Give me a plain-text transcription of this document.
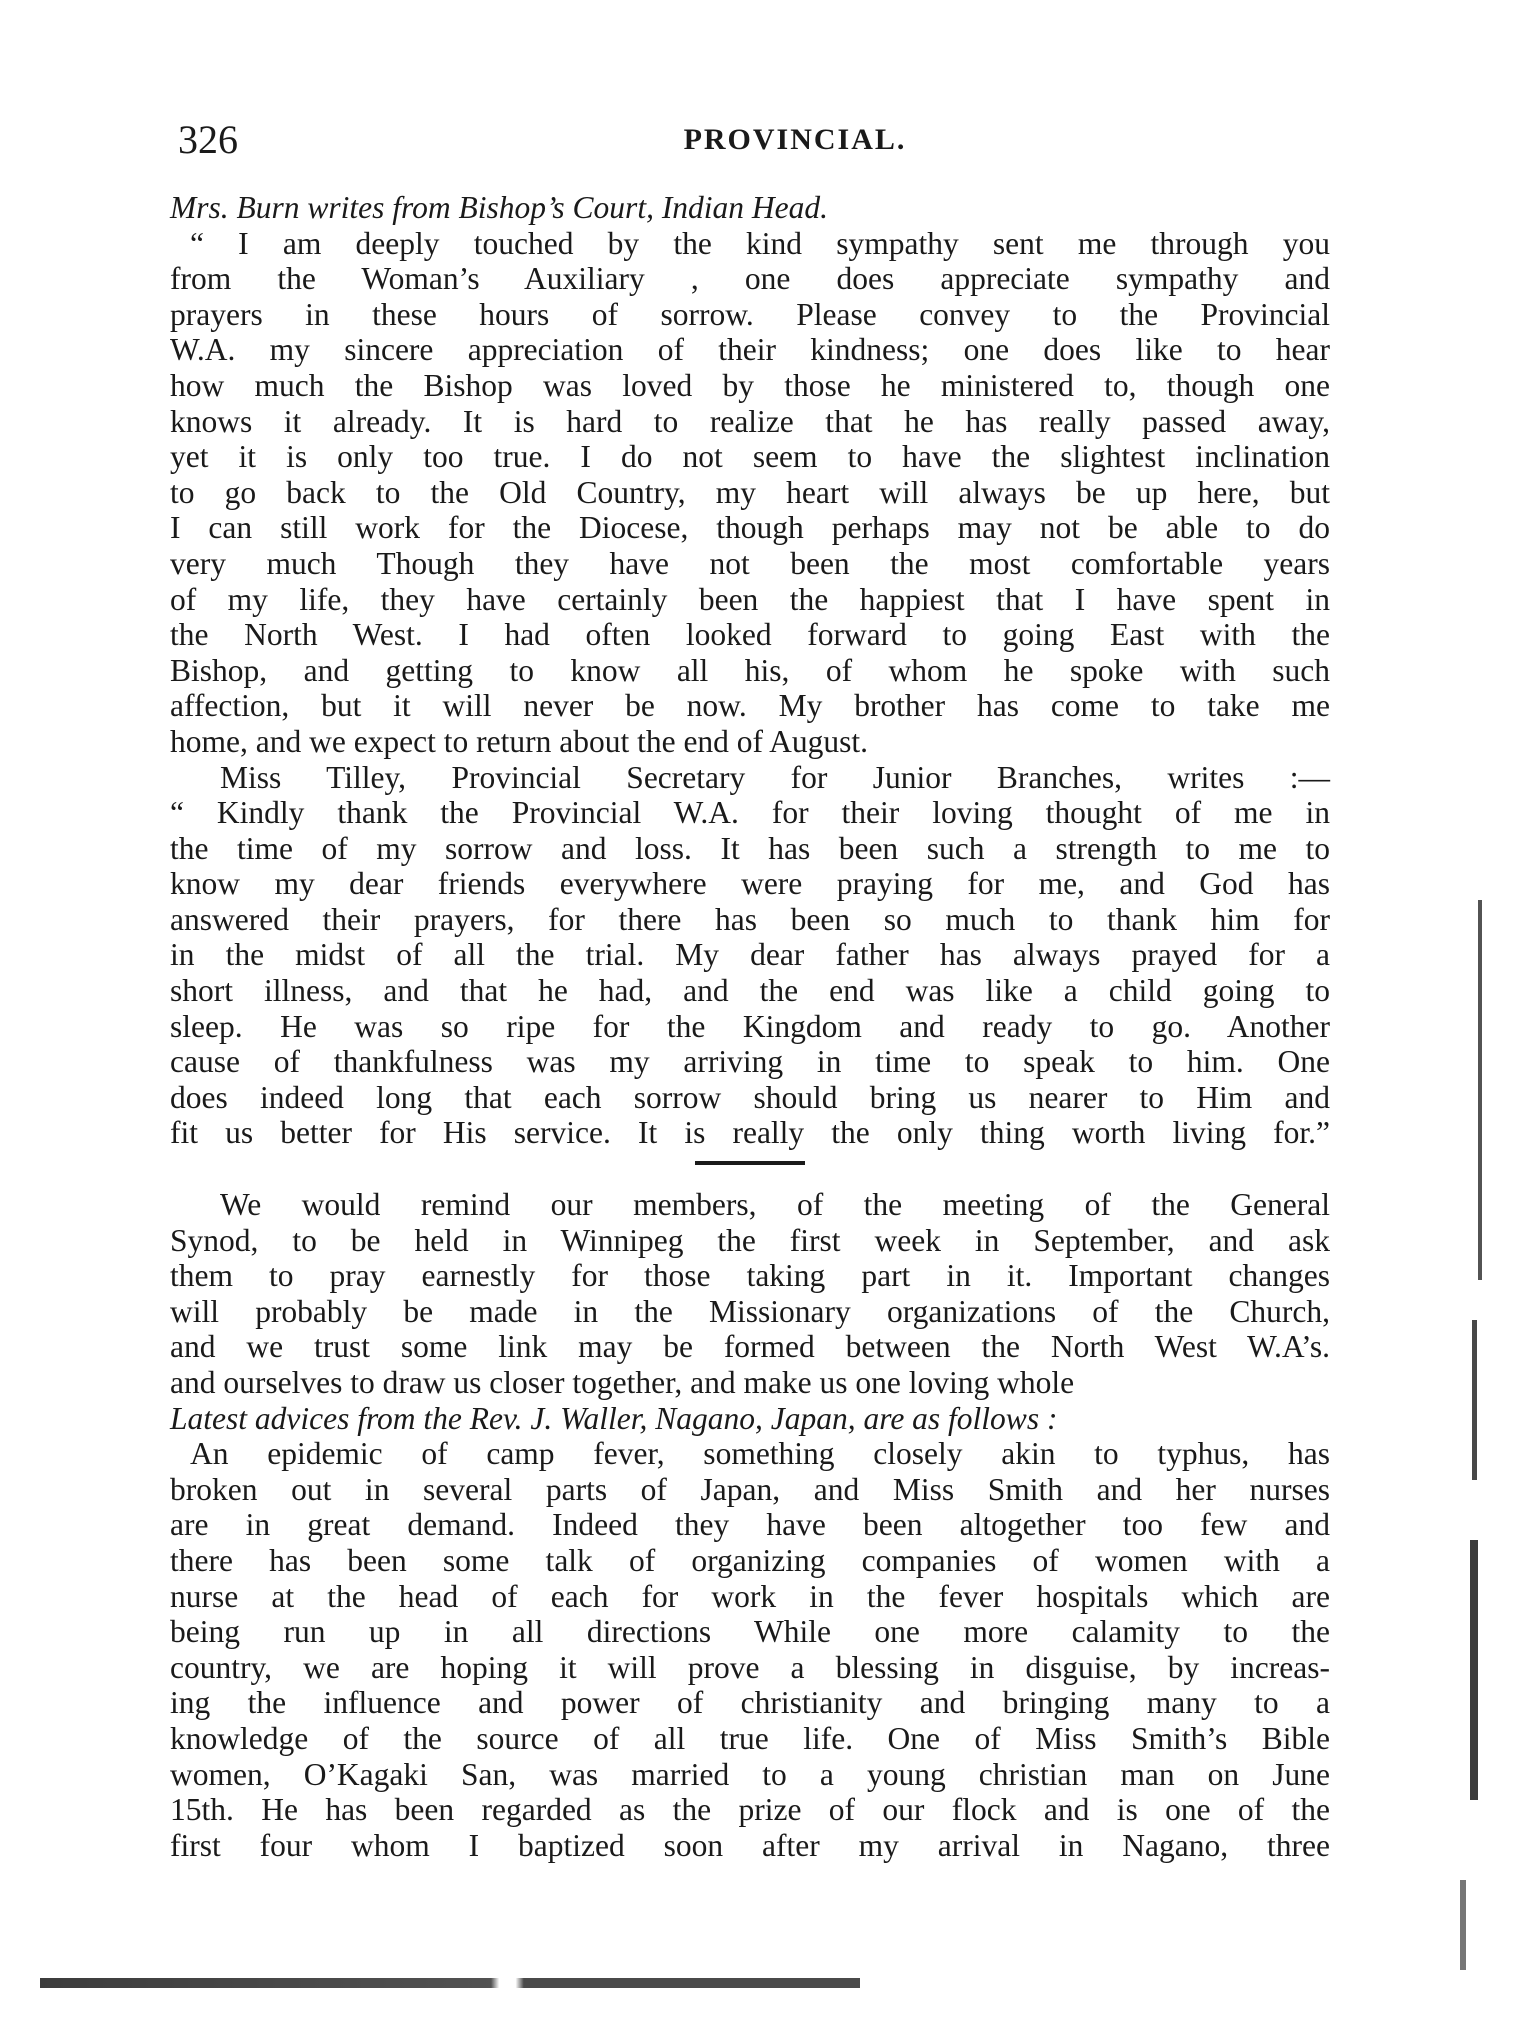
326	PROVINCIAL.
Mrs. Burn writes from Bishop’s Court, Indian Head.
“ I am deeply touched by the kind sympathy sent me through you
from the Woman’s Auxiliary , one does appreciate sympathy and
prayers in these hours of sorrow. Please convey to the Provincial
W.A. my sincere appreciation of their kindness; one does like to hear
how much the Bishop was loved by those he ministered to, though one
knows it already. It is hard to realize that he has really passed away,
yet it is only too true. I do not seem to have the slightest inclination
to go back to the Old Country, my heart will always be up here, but
I can still work for the Diocese, though perhaps may not be able to do
very much Though they have not been the most comfortable years
of my life, they have certainly been the happiest that I have spent in
the North West. I had often looked forward to going East with the
Bishop, and getting to know all his, of whom he spoke with such
affection, but it will never be now. My brother has come to take me
home, and we expect to return about the end of August.
Miss Tilley, Provincial Secretary for Junior Branches, writes :—
“ Kindly thank the Provincial W.A. for their loving thought of me in
the time of my sorrow and loss. It has been such a strength to me to
know my dear friends everywhere were praying for me, and God has
answered their prayers, for there has been so much to thank him for
in the midst of all the trial. My dear father has always prayed for a
short illness, and that he had, and the end was like a child going to
sleep. He was so ripe for the Kingdom and ready to go. Another
cause of thankfulness was my arriving in time to speak to him. One
does indeed long that each sorrow should bring us nearer to Him and
fit us better for His service. It is really the only thing worth living for.”
We would remind our members, of the meeting of the General
Synod, to be held in Winnipeg the first week in September, and ask
them to pray earnestly for those taking part in it. Important changes
will probably be made in the Missionary organizations of the Church,
and we trust some link may be formed between the North West W.A’s.
and ourselves to draw us closer together, and make us one loving whole
Latest advices from the Rev. J. Waller, Nagano, Japan, are as follows :
An epidemic of camp fever, something closely akin to typhus, has
broken out in several parts of Japan, and Miss Smith and her nurses
are in great demand. Indeed they have been altogether too few and
there has been some talk of organizing companies of women with a
nurse at the head of each for work in the fever hospitals which are
being run up in all directions While one more calamity to the
country, we are hoping it will prove a blessing in disguise, by increas-
ing the influence and power of christianity and bringing many to a
knowledge of the source of all true life. One of Miss Smith’s Bible
women, O’Kagaki San, was married to a young christian man on June
15th. He has been regarded as the prize of our flock and is one of the
first four whom I baptized soon after my arrival in Nagano, three
